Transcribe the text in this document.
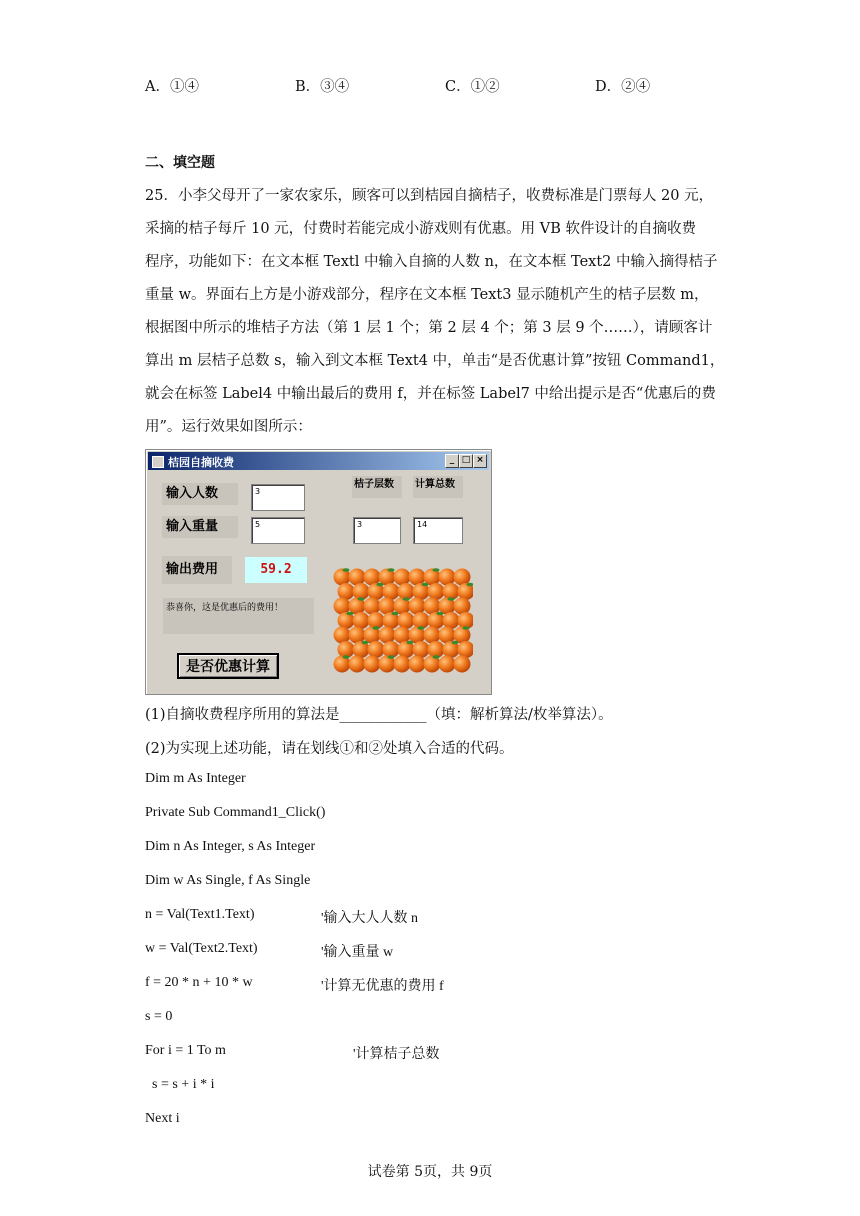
A．①④	B．③④	C．①②	D．②④
二、填空题
25．小李父母开了一家农家乐，顾客可以到桔园自摘桔子，收费标准是门票每人 20 元，
采摘的桔子每斤 10 元，付费时若能完成小游戏则有优惠。用 VB 软件设计的自摘收费
程序，功能如下：在文本框 Textl 中输入自摘的人数 n，在文本框 Text2 中输入摘得桔子
重量 w。界面右上方是小游戏部分，程序在文本框 Text3 显示随机产生的桔子层数 m，
根据图中所示的堆桔子方法（第 1 层 1 个；第 2 层 4 个；第 3 层 9 个……），请顾客计
算出 m 层桔子总数 s，输入到文本框 Text4 中，单击“是否优惠计算”按钮 Command1，
就会在标签 Label4 中输出最后的费用 f，并在标签 Label7 中给出提示是否“优惠后的费
用”。运行效果如图所示：
桔园自摘收费	_ □ ×
输入人数	3
输入重量	5
输出费用	59.2
桔子层数	计算总数
3	14
恭喜你，这是优惠后的费用！
是否优惠计算
(1)自摘收费程序所用的算法是____________（填：解析算法/枚举算法）。
(2)为实现上述功能，请在划线①和②处填入合适的代码。
Dim m As Integer
Private Sub Command1_Click()
Dim n As Integer, s As Integer
Dim w As Single, f As Single
n = Val(Text1.Text)	'输入大人人数 n
w = Val(Text2.Text)	'输入重量 w
f = 20 * n + 10 * w	'计算无优惠的费用 f
s = 0
For i = 1 To m	'计算桔子总数
s = s + i * i
Next i
试卷第 5页，共 9页
